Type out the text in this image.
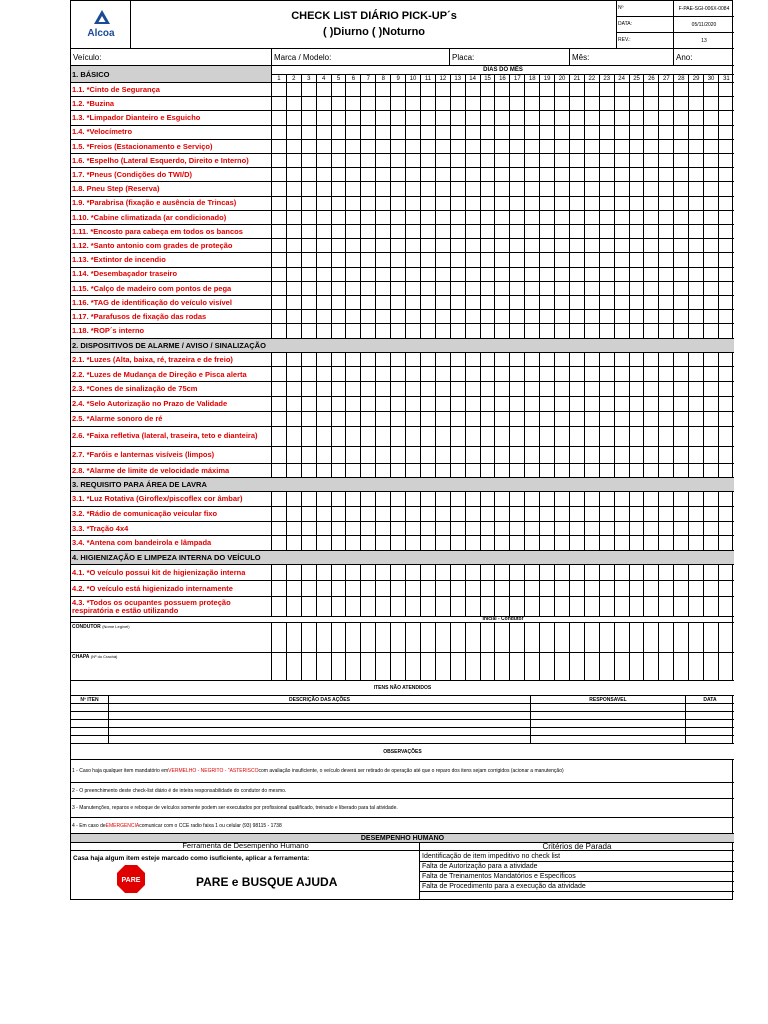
Alcoa
CHECK LIST DIÁRIO PICK-UP´s
( )Diurno ( )Noturno
Nº	F-PAE-SGI-006X-0084
DATA:	05/11/2020
REV.:	13
Veículo:	Marca / Modelo:	Placa:	Mês:	Ano:
1. BÁSICO	DIAS DO MÊS
1	2	3	4	5	6	7	8	9	10	11	12	13	14	15	16	17	18	19	20	21	22	23	24	25	26	27	28	29	30	31
1.1. *Cinto de Segurança
1.2. *Buzina
1.3. *Limpador Dianteiro e Esguicho
1.4. *Velocímetro
1.5. *Freios (Estacionamento e Serviço)
1.6. *Espelho (Lateral Esquerdo, Direito e Interno)
1.7. *Pneus (Condições do TWI/D)
1.8. Pneu Step (Reserva)
1.9. *Parabrisa (fixação e ausência de Trincas)
1.10. *Cabine climatizada (ar condicionado)
1.11. *Encosto para cabeça em todos os bancos
1.12. *Santo antonio com grades de proteção
1.13. *Extintor de incendio
1.14. *Desembaçador traseiro
1.15. *Calço de madeiro com pontos de pega
1.16. *TAG de identificação do veículo visível
1.17. *Parafusos de fixação das rodas
1.18. *ROP´s interno
2. DISPOSITIVOS DE ALARME / AVISO / SINALIZAÇÃO
2.1. *Luzes (Alta, baixa, ré, trazeira e de freio)
2.2. *Luzes de Mudança de Direção e Pisca alerta
2.3. *Cones de sinalização de 75cm
2.4. *Selo Autorização no Prazo de Validade
2.5. *Alarme sonoro de ré
2.6. *Faixa refletiva (lateral, traseira, teto e dianteira)
2.7. *Faróis e lanternas visíveis (limpos)
2.8. *Alarme de limite de velocidade máxima
3. REQUISITO PARA ÁREA DE LAVRA
3.1. *Luz Rotativa (Giroflex/piscoflex cor âmbar)
3.2. *Rádio de comunicação veicular fixo
3.3. *Tração 4x4
3.4. *Antena com bandeirola e lâmpada
4. HIGIENIZAÇÃO E LIMPEZA INTERNA DO VEÍCULO
4.1. *O veículo possui kit de higienização interna
4.2. *O veículo está higienizado internamente
4.3. *Todos os ocupantes possuem proteção respiratória e estão utilizando
Inicial - Condutor
CONDUTOR (Nome Legível)
CHAPA (Nº do Crachá)
ITENS NÃO ATENDIDOS
Nº ITEN	DESCRIÇÃO DAS AÇÕES	RESPONSAVEL	DATA
OBSERVAÇÕES
1 - Caso haja qualquer item mandatório em VERMELHO - NEGRITO - "ASTERISCO com avaliação insuficiente, o veículo deverá ser retirado de operação até que o reparo dos itens sejam corrigidos (acionar a manutenção)
2 - O preenchimento deste check-list diário é de inteira responsabilidade do condutor do mesmo.
3 - Manutenções, reparos e reboque de veículos somente podem ser executados por profissional qualificado, treinado e liberado para tal atividade.
4 - Em caso de EMERGENCIA comunicar com o CCE radio faixa 1 ou celular (93) 98115 - 1738
DESEMPENHO HUMANO
Ferramenta de Desempenho Humano
Casa haja algum item esteje marcado como isuficiente, aplicar a ferramenta:
PARE	PARE e BUSQUE AJUDA
Critérios de Parada
Identificação de item impeditivo no check list
Falta de Autorização para a atividade
Falta de Treinamentos Mandatórios e Específicos
Falta de Procedimento para a execução da atividade
